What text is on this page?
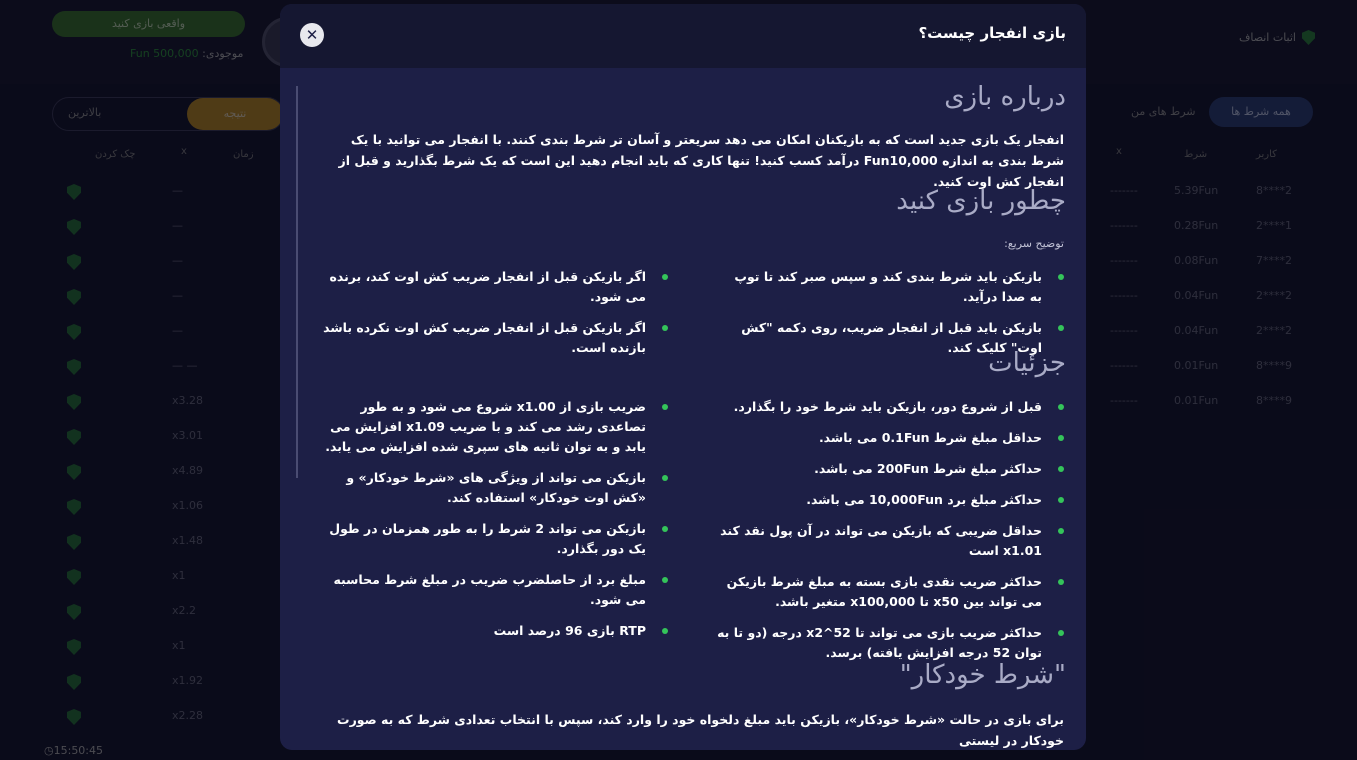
بازی انفجار چیست؟
✕
درباره بازی
انفجار یک بازی جدید است که به بازیکنان امکان می دهد سریعتر و آسان تر شرط بندی کنند. با انفجار می توانید با یک شرط بندی به اندازه Fun10,000 درآمد کسب کنید! تنها کاری که باید انجام دهید این است که یک شرط بگذارید و قبل از انفجار کش اوت کنید.
چطور بازی کنید
توضیح سریع:
بازیکن باید شرط بندی کند و سپس صبر کند تا توپ به صدا درآید.
بازیکن باید قبل از انفجار ضریب، روی دکمه "کش اوت" کلیک کند.
اگر بازیکن قبل از انفجار ضریب کش اوت کند، برنده می شود.
اگر بازیکن قبل از انفجار ضریب کش اوت نکرده باشد بازنده است.
جزئیات
قبل از شروع دور، بازیکن باید شرط خود را بگذارد.
حداقل مبلغ شرط 0.1Fun می باشد.
حداکثر مبلغ شرط 200Fun می باشد.
حداکثر مبلغ برد 10,000Fun می باشد.
حداقل ضریبی که بازیکن می تواند در آن پول نقد کند x1.01 است
حداکثر ضریب نقدی بازی بسته به مبلغ شرط بازیکن می تواند بین x50 تا x100,000 متغیر باشد.
حداکثر ضریب بازی می تواند تا x2^52 درجه (دو تا به توان 52 درجه افزایش یافته) برسد.
ضریب بازی از x1.00 شروع می شود و به طور تصاعدی رشد می کند و با ضریب x1.09 افزایش می یابد و به توان ثانیه های سپری شده افزایش می یابد.
بازیکن می تواند از ویژگی های «شرط خودکار» و «کش اوت خودکار» استفاده کند.
بازیکن می تواند 2 شرط را به طور همزمان در طول یک دور بگذارد.
مبلغ برد از حاصلضرب ضریب در مبلغ شرط محاسبه می شود.
RTP بازی 96 درصد است
"شرط خودکار"
برای بازی در حالت «شرط خودکار»، بازیکن باید مبلغ دلخواه خود را وارد کند، سپس با انتخاب تعدادی شرط که به صورت خودکار در لیستی
